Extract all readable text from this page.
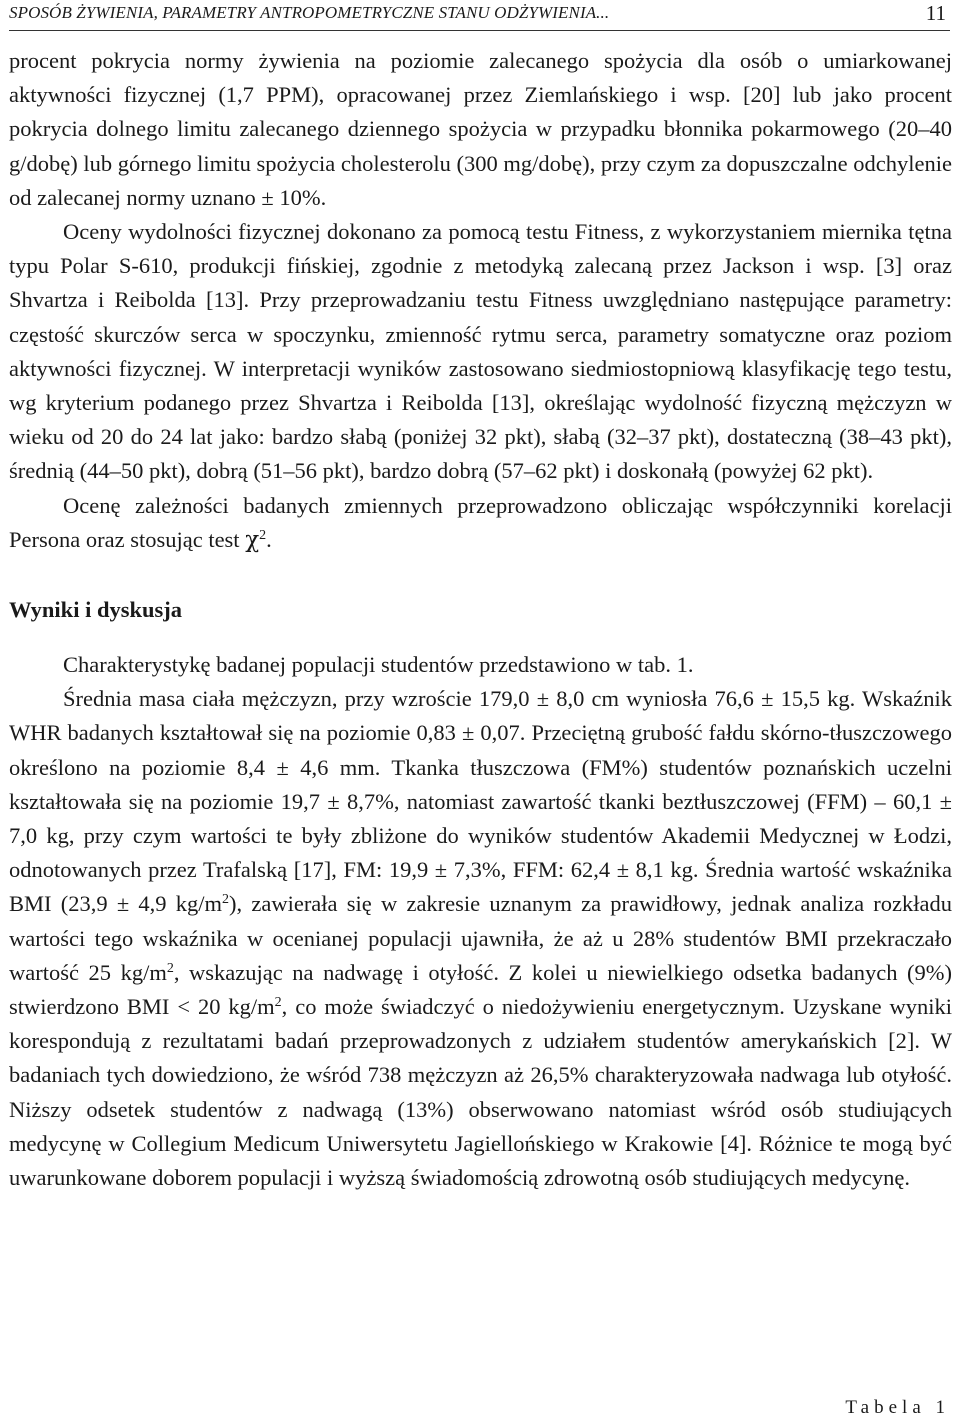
SPOSÓB ŻYWIENIA, PARAMETRY ANTROPOMETRYCZNE STANU ODŻYWIENIA...	11

procent pokrycia normy żywienia na poziomie zalecanego spożycia dla osób o umiarkowanej aktywności fizycznej (1,7 PPM), opracowanej przez Ziemlańskiego i wsp. [20] lub jako procent pokrycia dolnego limitu zalecanego dziennego spożycia w przypadku błonnika pokarmowego (20–40 g/dobę) lub górnego limitu spożycia cholesterolu (300 mg/dobę), przy czym za dopuszczalne odchylenie od zalecanej normy uznano ± 10%.

Oceny wydolności fizycznej dokonano za pomocą testu Fitness, z wykorzystaniem miernika tętna typu Polar S-610, produkcji fińskiej, zgodnie z metodyką zalecaną przez Jackson i wsp. [3] oraz Shvartza i Reibolda [13]. Przy przeprowadzaniu testu Fitness uwzględniano następujące parametry: częstość skurczów serca w spoczynku, zmienność rytmu serca, parametry somatyczne oraz poziom aktywności fizycznej. W interpretacji wyników zastosowano siedmiostopniową klasyfikację tego testu, wg kryterium podanego przez Shvartza i Reibolda [13], określając wydolność fizyczną mężczyzn w wieku od 20 do 24 lat jako: bardzo słabą (poniżej 32 pkt), słabą (32–37 pkt), dostateczną (38–43 pkt), średnią (44–50 pkt), dobrą (51–56 pkt), bardzo dobrą (57–62 pkt) i doskonałą (powyżej 62 pkt).

Ocenę zależności badanych zmiennych przeprowadzono obliczając współczynniki korelacji Persona oraz stosując test $\chi^2$.

Wyniki i dyskusja

Charakterystykę badanej populacji studentów przedstawiono w tab. 1.

Średnia masa ciała mężczyzn, przy wzroście 179,0 ± 8,0 cm wyniosła 76,6 ± 15,5 kg. Wskaźnik WHR badanych kształtował się na poziomie 0,83 ± 0,07. Przeciętną grubość fałdu skórno-tłuszczowego określono na poziomie 8,4 ± 4,6 mm. Tkanka tłuszczowa (FM%) studentów poznańskich uczelni kształtowała się na poziomie 19,7 ± 8,7%, natomiast zawartość tkanki beztłuszczowej (FFM) – 60,1 ± 7,0 kg, przy czym wartości te były zbliżone do wyników studentów Akademii Medycznej w Łodzi, odnotowanych przez Trafalską [17], FM: 19,9 ± 7,3%, FFM: 62,4 ± 8,1 kg. Średnia wartość wskaźnika BMI (23,9 ± 4,9 $kg/m^2$), zawierała się w zakresie uznanym za prawidłowy, jednak analiza rozkładu wartości tego wskaźnika w ocenianej populacji ujawniła, że aż u 28% studentów BMI przekraczało wartość 25 $kg/m^2$, wskazując na nadwagę i otyłość. Z kolei u niewielkiego odsetka badanych (9%) stwierdzono BMI < 20 $kg/m^2$, co może świadczyć o niedożywieniu energetycznym. Uzyskane wyniki korespondują z rezultatami badań przeprowadzonych z udziałem studentów amerykańskich [2]. W badaniach tych dowiedziono, że wśród 738 mężczyzn aż 26,5% charakteryzowała nadwaga lub otyłość. Niższy odsetek studentów z nadwagą (13%) obserwowano natomiast wśród osób studiujących medycynę w Collegium Medicum Uniwersytetu Jagiellońskiego w Krakowie [4]. Różnice te mogą być uwarunkowane doborem populacji i wyższą świadomością zdrowotną osób studiujących medycynę.

Tabela 1
